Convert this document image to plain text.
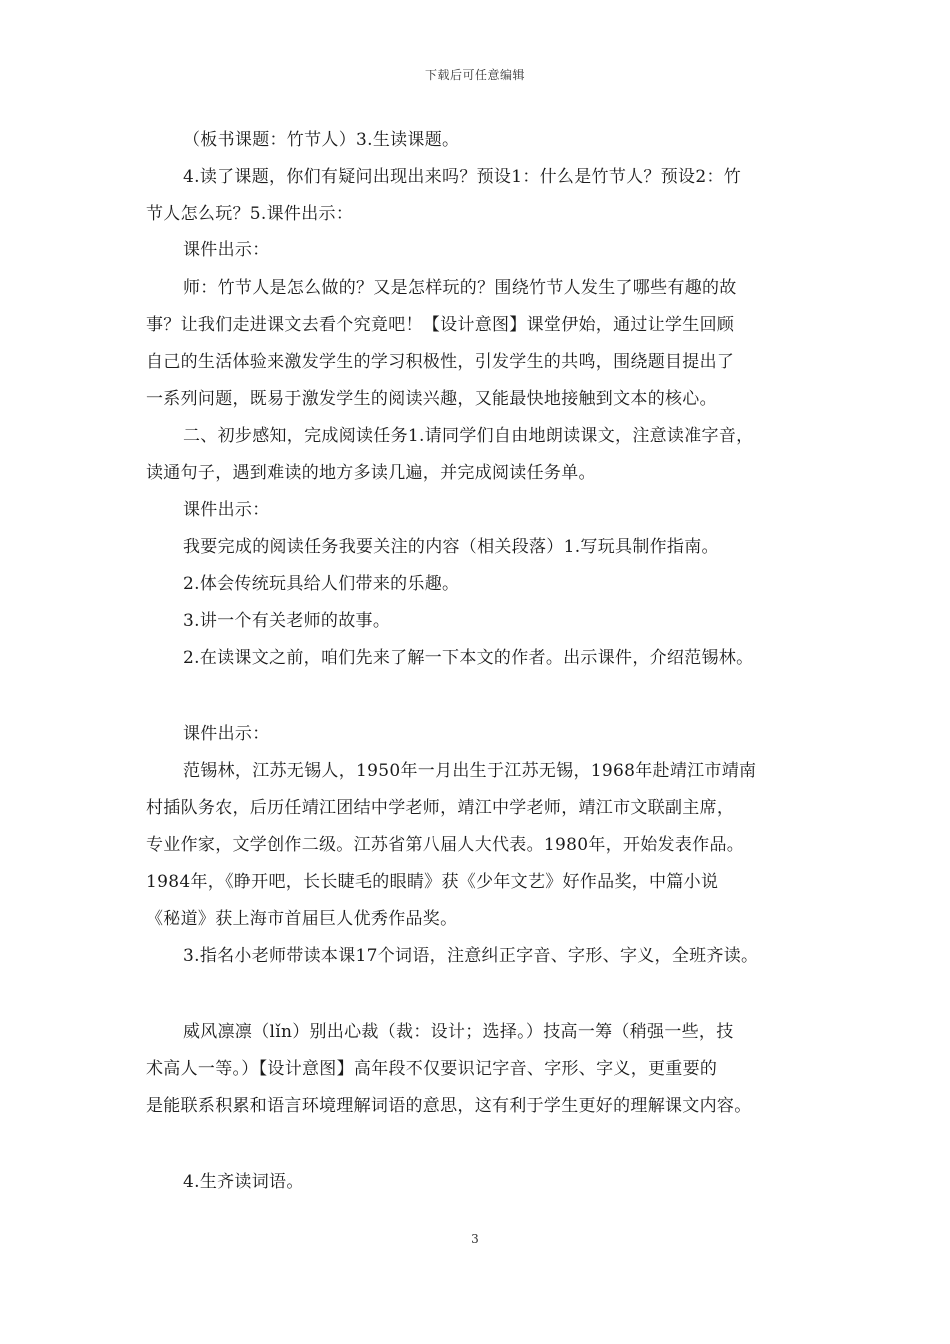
下载后可任意编辑
（板书课题：竹节人）3.生读课题。
4.读了课题，你们有疑问出现出来吗？预设1：什么是竹节人？预设2：竹
节人怎么玩？5.课件出示：
课件出示：
师：竹节人是怎么做的？又是怎样玩的？围绕竹节人发生了哪些有趣的故
事？让我们走进课文去看个究竟吧！【设计意图】课堂伊始，通过让学生回顾
自己的生活体验来激发学生的学习积极性，引发学生的共鸣，围绕题目提出了
一系列问题，既易于激发学生的阅读兴趣，又能最快地接触到文本的核心。
二、初步感知，完成阅读任务1.请同学们自由地朗读课文，注意读准字音，
读通句子，遇到难读的地方多读几遍，并完成阅读任务单。
课件出示：
我要完成的阅读任务我要关注的内容（相关段落）1.写玩具制作指南。
2.体会传统玩具给人们带来的乐趣。
3.讲一个有关老师的故事。
2.在读课文之前，咱们先来了解一下本文的作者。出示课件，介绍范锡林。
课件出示：
范锡林，江苏无锡人，1950年一月出生于江苏无锡，1968年赴靖江市靖南
村插队务农，后历任靖江团结中学老师，靖江中学老师，靖江市文联副主席，
专业作家，文学创作二级。江苏省第八届人大代表。1980年，开始发表作品。
1984年，《睁开吧，长长睫毛的眼睛》获《少年文艺》好作品奖，中篇小说
《秘道》获上海市首届巨人优秀作品奖。
3.指名小老师带读本课17个词语，注意纠正字音、字形、字义，全班齐读。
威风凛凛（lǐn）别出心裁（裁：设计；选择。）技高一筹（稍强一些，技
术高人一等。）【设计意图】高年段不仅要识记字音、字形、字义，更重要的
是能联系积累和语言环境理解词语的意思，这有利于学生更好的理解课文内容。
4.生齐读词语。
3
